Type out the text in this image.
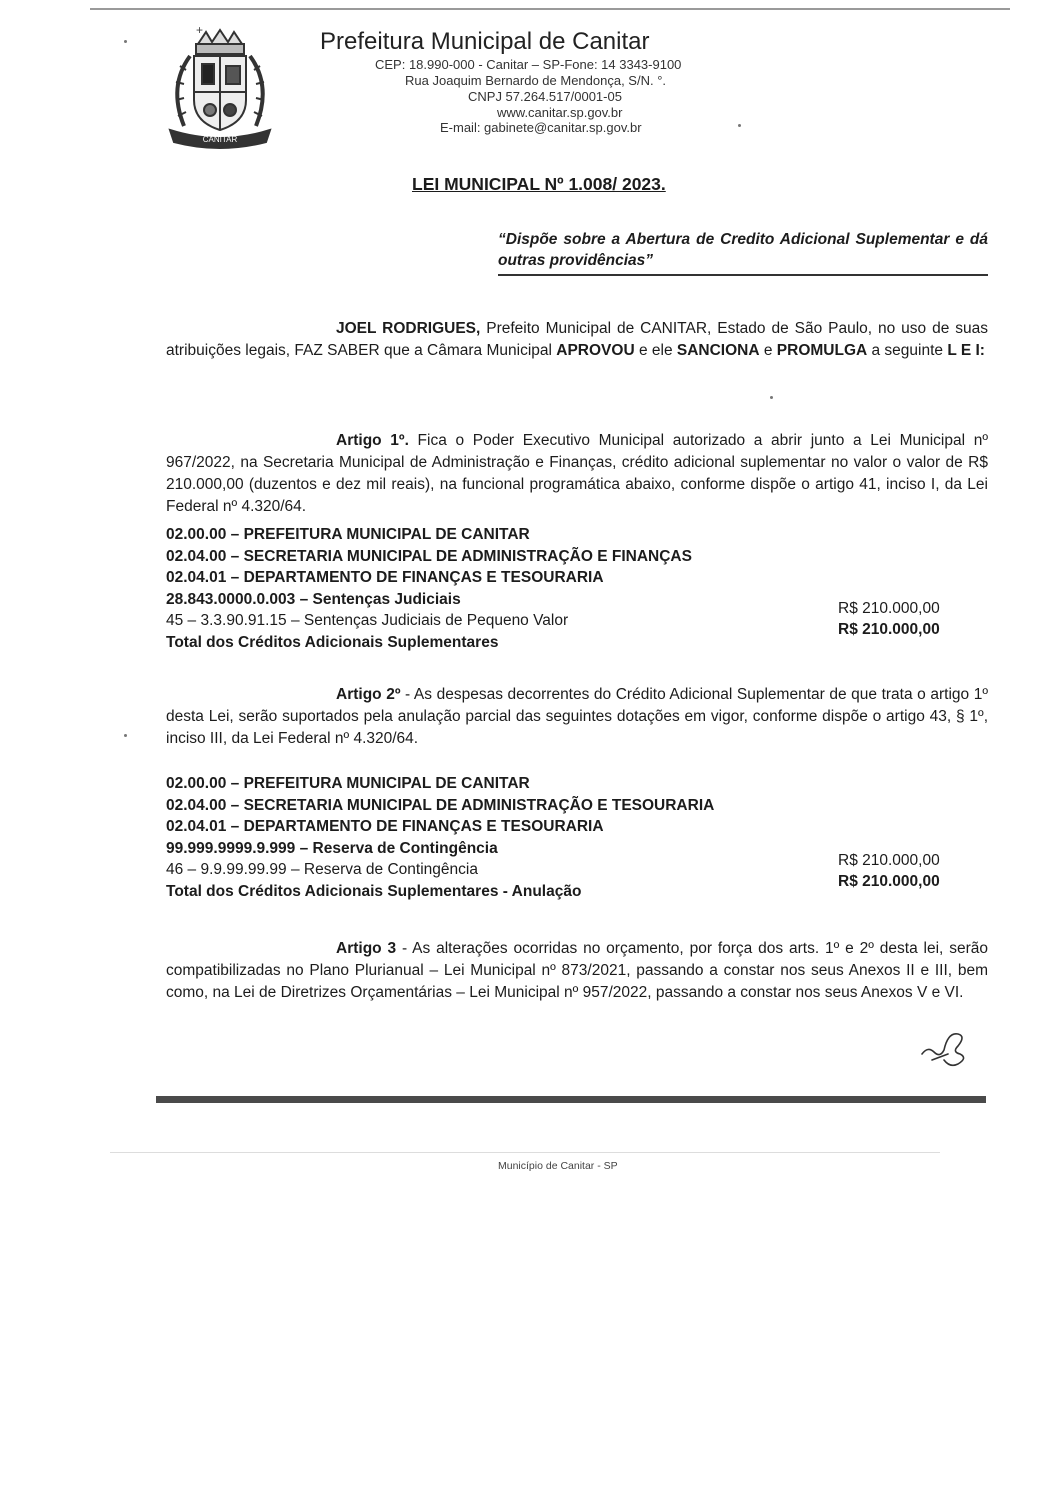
CANITAR
+	Prefeitura Municipal de Canitar
CEP: 18.990-000 - Canitar – SP-Fone: 14 3343-9100
Rua Joaquim Bernardo de Mendonça, S/N. °.
CNPJ 57.264.517/0001-05
www.canitar.sp.gov.br
E-mail: gabinete@canitar.sp.gov.br
LEI MUNICIPAL Nº 1.008/ 2023.
“Dispõe sobre a Abertura de Credito Adicional Suplementar e dá outras providências”
JOEL RODRIGUES, Prefeito Municipal de CANITAR, Estado de São Paulo, no uso de suas atribuições legais, FAZ SABER que a Câmara Municipal APROVOU e ele SANCIONA e PROMULGA a seguinte L E I:
Artigo 1º. Fica o Poder Executivo Municipal autorizado a abrir junto a Lei Municipal nº 967/2022, na Secretaria Municipal de Administração e Finanças, crédito adicional suplementar no valor o valor de R$ 210.000,00 (duzentos e dez mil reais), na funcional programática abaixo, conforme dispõe o artigo 41, inciso I, da Lei Federal nº 4.320/64.
02.00.00 – PREFEITURA MUNICIPAL DE CANITAR
02.04.00 – SECRETARIA MUNICIPAL DE ADMINISTRAÇÃO E FINANÇAS
02.04.01 – DEPARTAMENTO DE FINANÇAS E TESOURARIA
28.843.0000.0.003 – Sentenças Judiciais
45 – 3.3.90.91.15 – Sentenças Judiciais de Pequeno Valor
Total dos Créditos Adicionais Suplementares
R$ 210.000,00
R$ 210.000,00
Artigo 2º - As despesas decorrentes do Crédito Adicional Suplementar de que trata o artigo 1º desta Lei, serão suportados pela anulação parcial das seguintes dotações em vigor, conforme dispõe o artigo 43, § 1º, inciso III, da Lei Federal nº 4.320/64.
02.00.00 – PREFEITURA MUNICIPAL DE CANITAR
02.04.00 – SECRETARIA MUNICIPAL DE ADMINISTRAÇÃO E TESOURARIA
02.04.01 – DEPARTAMENTO DE FINANÇAS E TESOURARIA
99.999.9999.9.999 – Reserva de Contingência
46 – 9.9.99.99.99 – Reserva de Contingência
Total dos Créditos Adicionais Suplementares - Anulação
R$ 210.000,00
R$ 210.000,00
Artigo 3 - As alterações ocorridas no orçamento, por força dos arts. 1º e 2º desta lei, serão compatibilizadas no Plano Plurianual – Lei Municipal nº 873/2021, passando a constar nos seus Anexos II e III, bem como, na Lei de Diretrizes Orçamentárias – Lei Municipal nº 957/2022, passando a constar nos seus Anexos V e VI.
Município de Canitar - SP
